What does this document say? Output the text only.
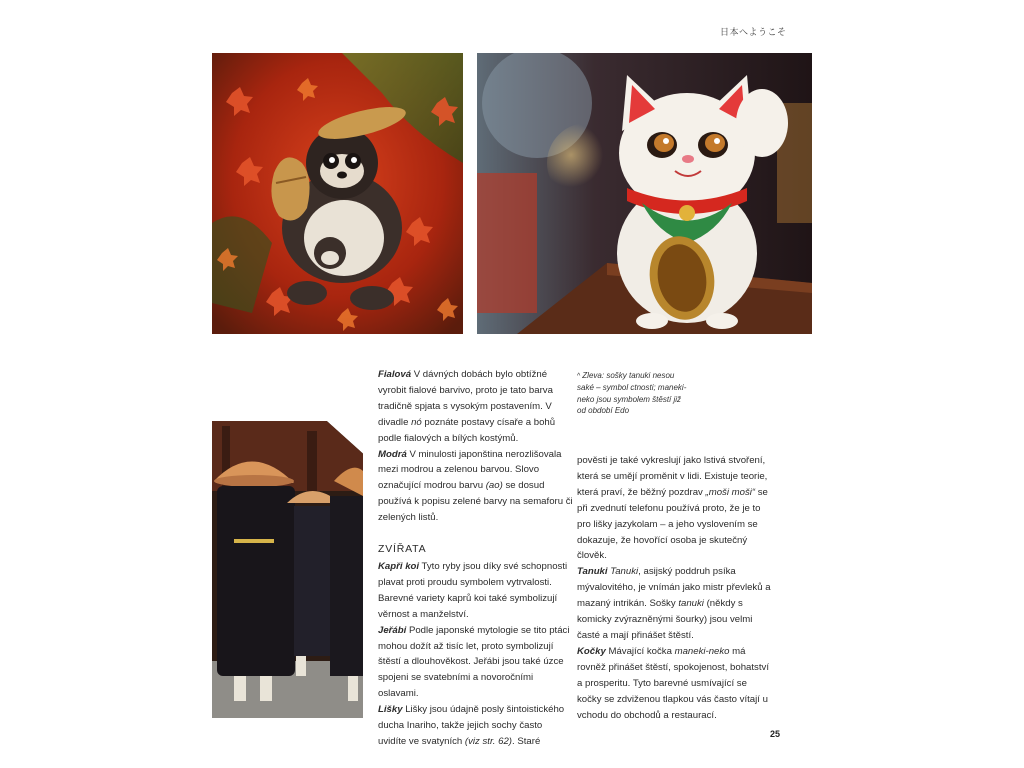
日本へようこそ
^ Zleva: sošky tanuki nesou saké – symbol ctnosti; maneki-neko jsou symbolem štěstí již od období Edo

Fialová V dávných dobách bylo obtížné vyrobit fialové barvivo, proto je tato barva tradičně spjata s vysokým postavením. V divadle nó poznáte postavy císaře a bohů podle fialových a bílých kostýmů.

Modrá V minulosti japonština nerozlišovala mezi modrou a zelenou barvou. Slovo označující modrou barvu (ao) se dosud používá k popisu zelené barvy na semaforu či zelených listů.

ZVÍŘATA

Kapři koi Tyto ryby jsou díky své schopnosti plavat proti proudu symbolem vytrvalosti. Barevné variety kaprů koi také symbolizují věrnost a manželství.

Jeřábi Podle japonské mytologie se tito ptáci mohou dožít až tisíc let, proto symbolizují štěstí a dlouhověkost. Jeřábi jsou také úzce spojeni se svatebními a novoročními oslavami.

Lišky Lišky jsou údajně posly šintoistického ducha Inariho, takže jejich sochy často uvidíte ve svatyních (viz str. 62). Staré

pověsti je také vykreslují jako lstivá stvoření, která se umějí proměnit v lidi. Existuje teorie, která praví, že běžný pozdrav „moši moši“ se při zvednutí telefonu používá proto, že je to pro lišky jazykolam – a jeho vyslovením se dokazuje, že hovořící osoba je skutečný člověk.

Tanuki Tanuki, asijský poddruh psíka mývalovitého, je vnímán jako mistr převleků a mazaný intrikán. Sošky tanuki (někdy s komicky zvýrazněnými šourky) jsou velmi časté a mají přinášet štěstí.

Kočky Mávající kočka maneki-neko má rovněž přinášet štěstí, spokojenost, bohatství a prosperitu. Tyto barevné usmívající se kočky se zdviženou tlapkou vás často vítají u vchodu do obchodů a restaurací.

25
